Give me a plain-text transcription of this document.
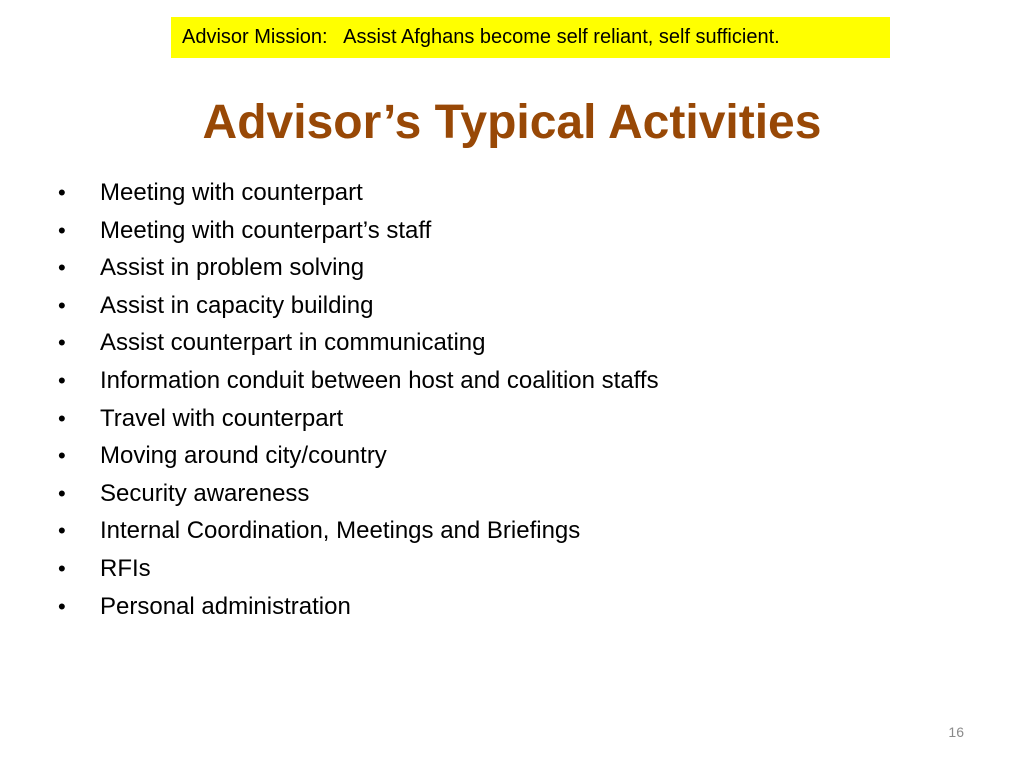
Advisor Mission:   Assist Afghans become self reliant, self sufficient.
Advisor’s Typical Activities
•	Meeting with counterpart
•	Meeting with counterpart’s staff
•	Assist in problem solving
•	Assist in capacity building
•	Assist counterpart in communicating
•	Information conduit between host and coalition staffs
•	Travel with counterpart
•	Moving around city/country
•	Security awareness
•	Internal Coordination, Meetings and Briefings
•	RFIs
•	Personal administration
16
